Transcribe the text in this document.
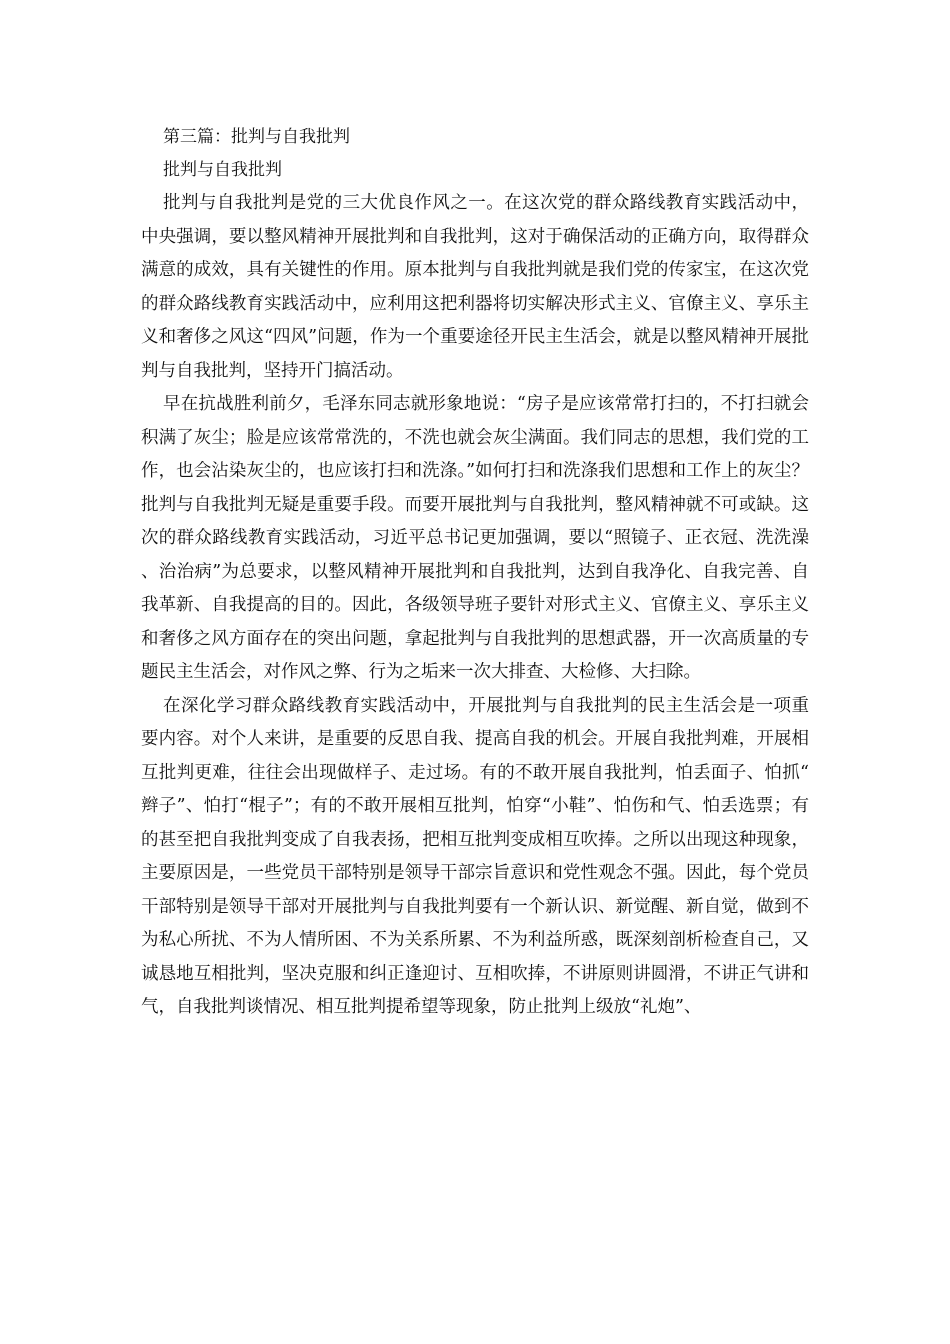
第三篇：批判与自我批判
批判与自我批判

批判与自我批判是党的三大优良作风之一。在这次党的群众路线教育实践活动中，中央强调，要以整风精神开展批判和自我批判，这对于确保活动的正确方向，取得群众满意的成效，具有关键性的作用。原本批判与自我批判就是我们党的传家宝，在这次党的群众路线教育实践活动中，应利用这把利器将切实解决形式主义、官僚主义、享乐主义和奢侈之风这“四风”问题，作为一个重要途径开民主生活会，就是以整风精神开展批判与自我批判，坚持开门搞活动。

早在抗战胜利前夕，毛泽东同志就形象地说：“房子是应该常常打扫的，不打扫就会积满了灰尘；脸是应该常常洗的，不洗也就会灰尘满面。我们同志的思想，我们党的工作，也会沾染灰尘的，也应该打扫和洗涤。”如何打扫和洗涤我们思想和工作上的灰尘？批判与自我批判无疑是重要手段。而要开展批判与自我批判，整风精神就不可或缺。这次的群众路线教育实践活动，习近平总书记更加强调，要以“照镜子、正衣冠、洗洗澡、治治病”为总要求，以整风精神开展批判和自我批判，达到自我净化、自我完善、自我革新、自我提高的目的。因此，各级领导班子要针对形式主义、官僚主义、享乐主义和奢侈之风方面存在的突出问题，拿起批判与自我批判的思想武器，开一次高质量的专题民主生活会，对作风之弊、行为之垢来一次大排查、大检修、大扫除。

在深化学习群众路线教育实践活动中，开展批判与自我批判的民主生活会是一项重要内容。对个人来讲，是重要的反思自我、提高自我的机会。开展自我批判难，开展相互批判更难，往往会出现做样子、走过场。有的不敢开展自我批判，怕丢面子、怕抓“辫子”、怕打“棍子”；有的不敢开展相互批判，怕穿“小鞋”、怕伤和气、怕丢选票；有的甚至把自我批判变成了自我表扬，把相互批判变成相互吹捧。之所以出现这种现象，主要原因是，一些党员干部特别是领导干部宗旨意识和党性观念不强。因此，每个党员干部特别是领导干部对开展批判与自我批判要有一个新认识、新觉醒、新自觉，做到不为私心所扰、不为人情所困、不为关系所累、不为利益所惑，既深刻剖析检查自己，又诚恳地互相批判，坚决克服和纠正逢迎讨、互相吹捧，不讲原则讲圆滑，不讲正气讲和气，自我批判谈情况、相互批判提希望等现象，防止批判上级放“礼炮”、
